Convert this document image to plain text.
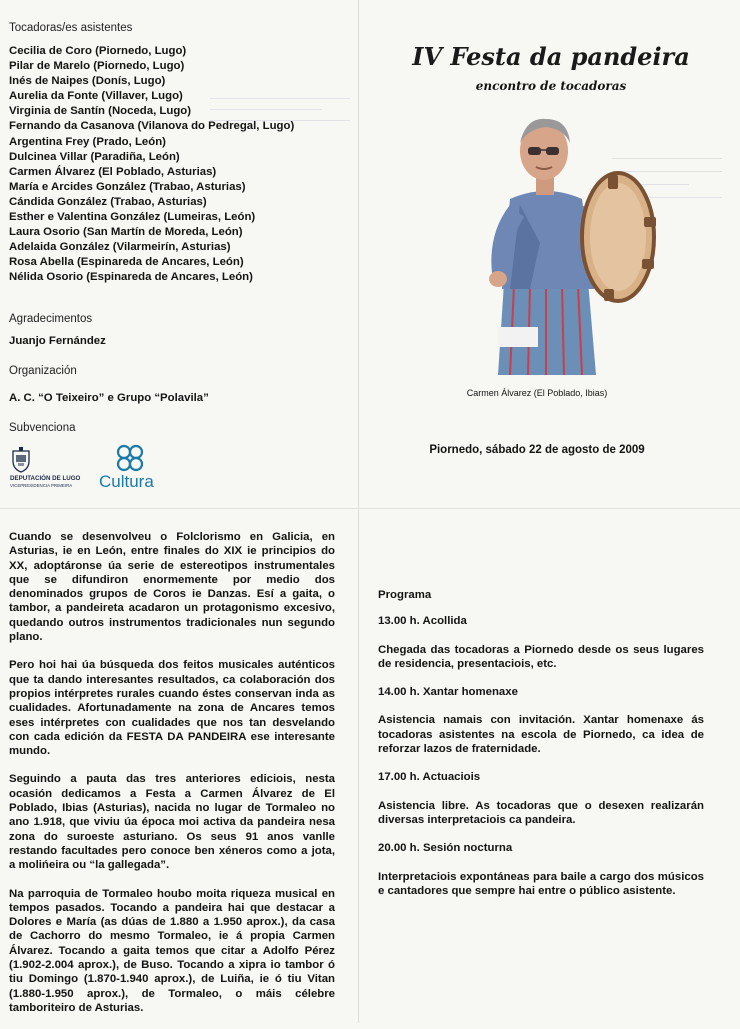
Tocadoras/es asistentes
Cecilia de Coro (Piornedo, Lugo)
Pilar de Marelo (Piornedo, Lugo)
Inés de Naipes (Donís, Lugo)
Aurelia da Fonte (Villaver, Lugo)
Virginia de Santín (Noceda, Lugo)
Fernando da Casanova (Vilanova do Pedregal, Lugo)
Argentina Frey (Prado, León)
Dulcinea Villar (Paradiña, León)
Carmen Álvarez (El Poblado, Asturias)
María e Arcides González (Trabao, Asturias)
Cándida González (Trabao, Asturias)
Esther e Valentina González (Lumeiras, León)
Laura Osorio (San Martín de Moreda, León)
Adelaida González (Vilarmeirín, Asturias)
Rosa Abella (Espinareda de Ancares, León)
Nélida Osorio (Espinareda de Ancares, León)
Agradecimentos
Juanjo Fernández
Organización
A. C. “O Teixeiro” e Grupo “Polavila”
Subvenciona
DEPUTACIÓN DE LUGO
VICEPRESIDENCIA PRIMEIRA Cultura
IV Festa da pandeira
encontro de tocadoras
Carmen Álvarez (El Poblado, Ibias)
Piornedo, sábado 22 de agosto de 2009

Cuando se desenvolveu o Folclorismo en Galicia, en Asturias, ie en León, entre finales do XIX ie principios do XX, adoptáronse úa serie de estereotipos instrumentales que se difundiron enormemente por medio dos denominados grupos de Coros ie Danzas. Esí a gaita, o tambor, a pandeireta acadaron un protagonismo excesivo, quedando outros instrumentos tradicionales nun segundo plano.

Pero hoi hai úa búsqueda dos feitos musicales auténticos que ta dando interesantes resultados, ca colaboración dos propios intérpretes rurales cuando éstes conservan inda as cualidades. Afortunadamente na zona de Ancares temos eses intérpretes con cualidades que nos tan desvelando con cada edición da FESTA DA PANDEIRA ese interesante mundo.

Seguindo a pauta das tres anteriores ediciois, nesta ocasión dedicamos a Festa a Carmen Álvarez de El Poblado, Ibias (Asturias), nacida no lugar de Tormaleo no ano 1.918, que viviu úa época moi activa da pandeira nesa zona do suroeste asturiano. Os seus 91 anos vanlle restando facultades pero conoce ben xéneros como a jota, a molińeira ou “la gallegada”.

Na parroquia de Tormaleo houbo moita riqueza musical en tempos pasados. Tocando a pandeira hai que destacar a Dolores e María (as dúas de 1.880 a 1.950 aprox.), da casa de Cachorro do mesmo Tormaleo, ie á propia Carmen Álvarez. Tocando a gaita temos que citar a Adolfo Pérez (1.902-2.004 aprox.), de Buso. Tocando a xipra io tambor ó tiu Domingo (1.870-1.940 aprox.), de Luiña, ie ó tiu Vitan (1.880-1.950 aprox.), de Tormaleo, o máis célebre tamboriteiro de Asturias.

Programa
13.00 h. Acollida
Chegada das tocadoras a Piornedo desde os seus lugares de residencia, presentaciois, etc.
14.00 h. Xantar homenaxe
Asistencia namais con invitación. Xantar homenaxe ás tocadoras asistentes na escola de Piornedo, ca idea de reforzar lazos de fraternidade.
17.00 h. Actuaciois
Asistencia libre. As tocadoras que o desexen realizarán diversas interpretaciois ca pandeira.
20.00 h. Sesión nocturna
Interpretaciois expontáneas para baile a cargo dos músicos e cantadores que sempre hai entre o público asistente.
